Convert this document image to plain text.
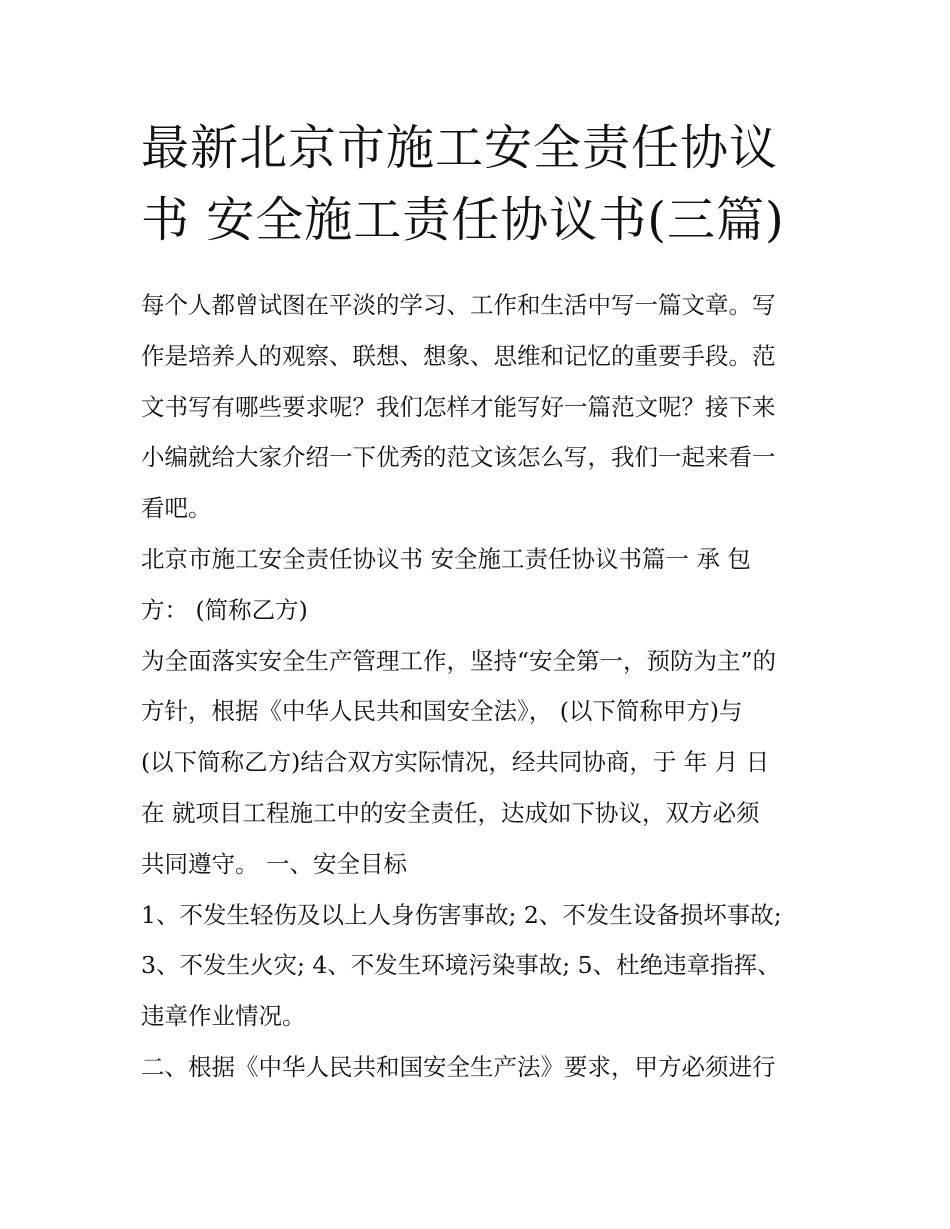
最新北京市施工安全责任协议
书 安全施工责任协议书(三篇)
每个人都曾试图在平淡的学习、工作和生活中写一篇文章。写
作是培养人的观察、联想、想象、思维和记忆的重要手段。范
文书写有哪些要求呢？我们怎样才能写好一篇范文呢？接下来
小编就给大家介绍一下优秀的范文该怎么写，我们一起来看一
看吧。
北京市施工安全责任协议书 安全施工责任协议书篇一 承 包
方： (简称乙方)
为全面落实安全生产管理工作，坚持“安全第一，预防为主”的
方针，根据《中华人民共和国安全法》， (以下简称甲方)与
(以下简称乙方)结合双方实际情况，经共同协商，于 年 月 日
在 就项目工程施工中的安全责任，达成如下协议，双方必须
共同遵守。 一、安全目标
1、不发生轻伤及以上人身伤害事故; 2、不发生设备损坏事故;
3、不发生火灾; 4、不发生环境污染事故; 5、杜绝违章指挥、
违章作业情况。
二、根据《中华人民共和国安全生产法》要求，甲方必须进行
